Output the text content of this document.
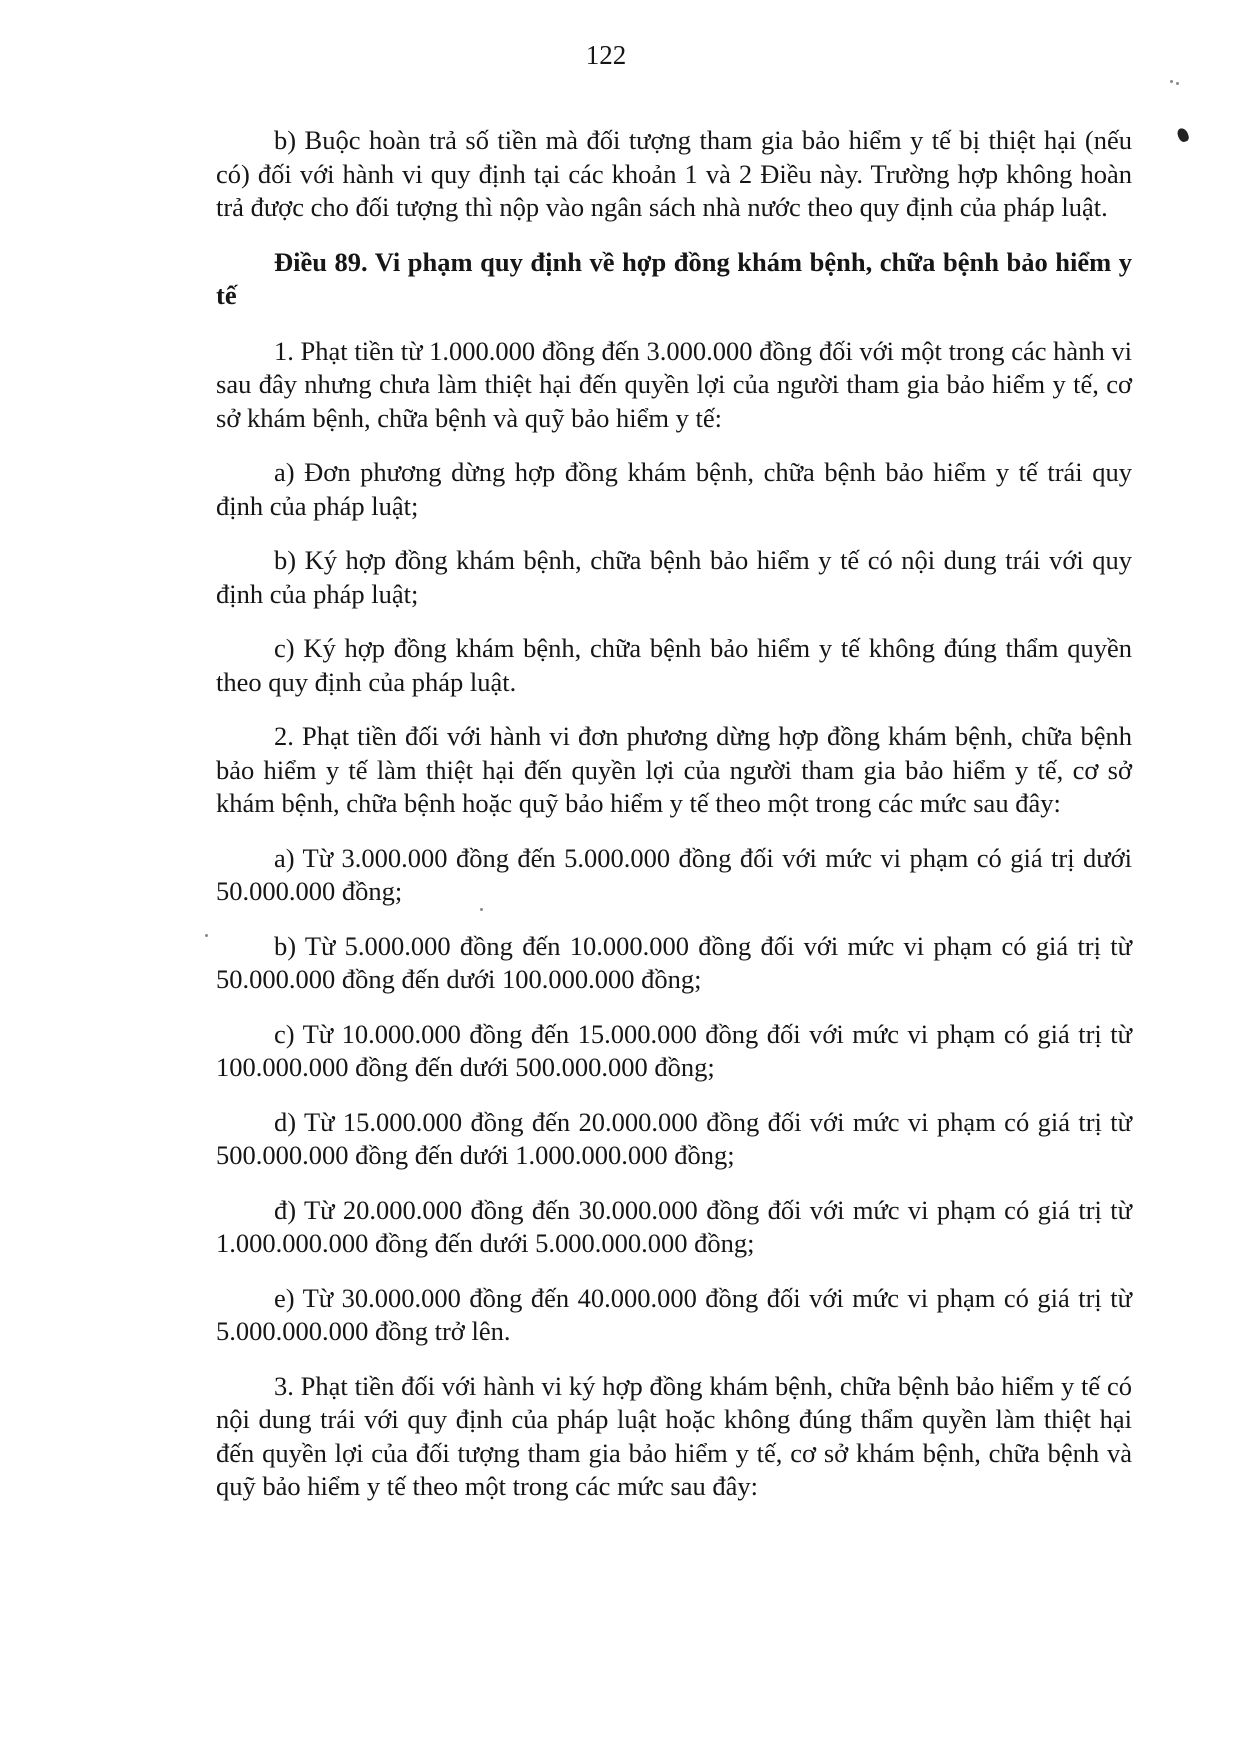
122

b) Buộc hoàn trả số tiền mà đối tượng tham gia bảo hiểm y tế bị thiệt hại (nếu có) đối với hành vi quy định tại các khoản 1 và 2 Điều này. Trường hợp không hoàn trả được cho đối tượng thì nộp vào ngân sách nhà nước theo quy định của pháp luật.

Điều 89. Vi phạm quy định về hợp đồng khám bệnh, chữa bệnh bảo hiểm y tế

1. Phạt tiền từ 1.000.000 đồng đến 3.000.000 đồng đối với một trong các hành vi sau đây nhưng chưa làm thiệt hại đến quyền lợi của người tham gia bảo hiểm y tế, cơ sở khám bệnh, chữa bệnh và quỹ bảo hiểm y tế:

a) Đơn phương dừng hợp đồng khám bệnh, chữa bệnh bảo hiểm y tế trái quy định của pháp luật;

b) Ký hợp đồng khám bệnh, chữa bệnh bảo hiểm y tế có nội dung trái với quy định của pháp luật;

c) Ký hợp đồng khám bệnh, chữa bệnh bảo hiểm y tế không đúng thẩm quyền theo quy định của pháp luật.

2. Phạt tiền đối với hành vi đơn phương dừng hợp đồng khám bệnh, chữa bệnh bảo hiểm y tế làm thiệt hại đến quyền lợi của người tham gia bảo hiểm y tế, cơ sở khám bệnh, chữa bệnh hoặc quỹ bảo hiểm y tế theo một trong các mức sau đây:

a) Từ 3.000.000 đồng đến 5.000.000 đồng đối với mức vi phạm có giá trị dưới 50.000.000 đồng;

b) Từ 5.000.000 đồng đến 10.000.000 đồng đối với mức vi phạm có giá trị từ 50.000.000 đồng đến dưới 100.000.000 đồng;

c) Từ 10.000.000 đồng đến 15.000.000 đồng đối với mức vi phạm có giá trị từ 100.000.000 đồng đến dưới 500.000.000 đồng;

d) Từ 15.000.000 đồng đến 20.000.000 đồng đối với mức vi phạm có giá trị từ 500.000.000 đồng đến dưới 1.000.000.000 đồng;

đ) Từ 20.000.000 đồng đến 30.000.000 đồng đối với mức vi phạm có giá trị từ 1.000.000.000 đồng đến dưới 5.000.000.000 đồng;

e) Từ 30.000.000 đồng đến 40.000.000 đồng đối với mức vi phạm có giá trị từ 5.000.000.000 đồng trở lên.

3. Phạt tiền đối với hành vi ký hợp đồng khám bệnh, chữa bệnh bảo hiểm y tế có nội dung trái với quy định của pháp luật hoặc không đúng thẩm quyền làm thiệt hại đến quyền lợi của đối tượng tham gia bảo hiểm y tế, cơ sở khám bệnh, chữa bệnh và quỹ bảo hiểm y tế theo một trong các mức sau đây:
